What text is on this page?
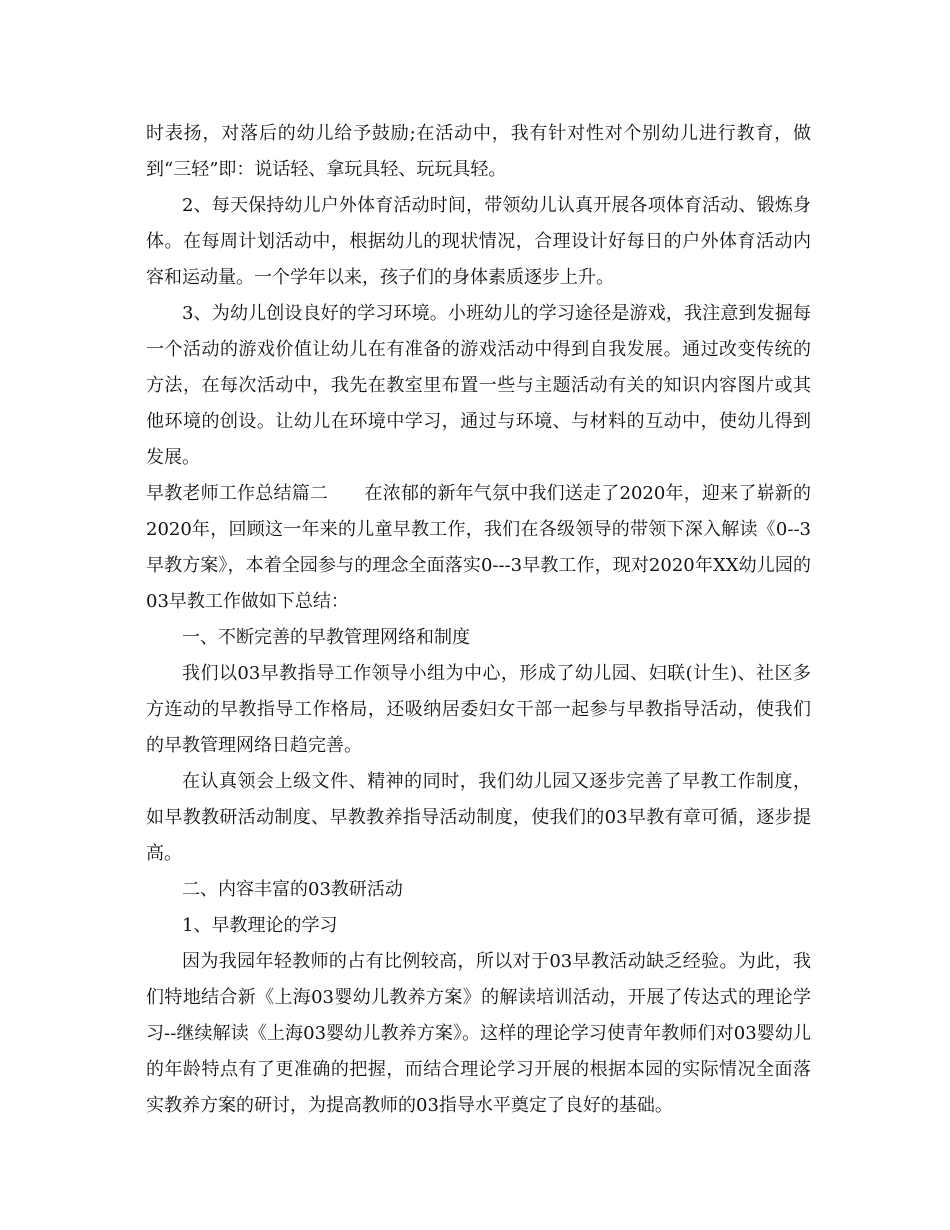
时表扬，对落后的幼儿给予鼓励;在活动中，我有针对性对个别幼儿进行教育，做到“三轻”即：说话轻、拿玩具轻、玩玩具轻。

2、每天保持幼儿户外体育活动时间，带领幼儿认真开展各项体育活动、锻炼身体。在每周计划活动中，根据幼儿的现状情况，合理设计好每日的户外体育活动内容和运动量。一个学年以来，孩子们的身体素质逐步上升。

3、为幼儿创设良好的学习环境。小班幼儿的学习途径是游戏，我注意到发掘每一个活动的游戏价值让幼儿在有准备的游戏活动中得到自我发展。通过改变传统的方法，在每次活动中，我先在教室里布置一些与主题活动有关的知识内容图片或其他环境的创设。让幼儿在环境中学习，通过与环境、与材料的互动中，使幼儿得到发展。

早教老师工作总结篇二　　在浓郁的新年气氛中我们送走了2020年，迎来了崭新的2020年，回顾这一年来的儿童早教工作，我们在各级领导的带领下深入解读《0--3早教方案》，本着全园参与的理念全面落实0---3早教工作，现对2020年XX幼儿园的03早教工作做如下总结：

一、不断完善的早教管理网络和制度

我们以03早教指导工作领导小组为中心，形成了幼儿园、妇联(计生)、社区多方连动的早教指导工作格局，还吸纳居委妇女干部一起参与早教指导活动，使我们的早教管理网络日趋完善。

在认真领会上级文件、精神的同时，我们幼儿园又逐步完善了早教工作制度，如早教教研活动制度、早教教养指导活动制度，使我们的03早教有章可循，逐步提高。

二、内容丰富的03教研活动

1、早教理论的学习

因为我园年轻教师的占有比例较高，所以对于03早教活动缺乏经验。为此，我们特地结合新《上海03婴幼儿教养方案》的解读培训活动，开展了传达式的理论学习--继续解读《上海03婴幼儿教养方案》。这样的理论学习使青年教师们对03婴幼儿的年龄特点有了更准确的把握，而结合理论学习开展的根据本园的实际情况全面落实教养方案的研讨，为提高教师的03指导水平奠定了良好的基础。
